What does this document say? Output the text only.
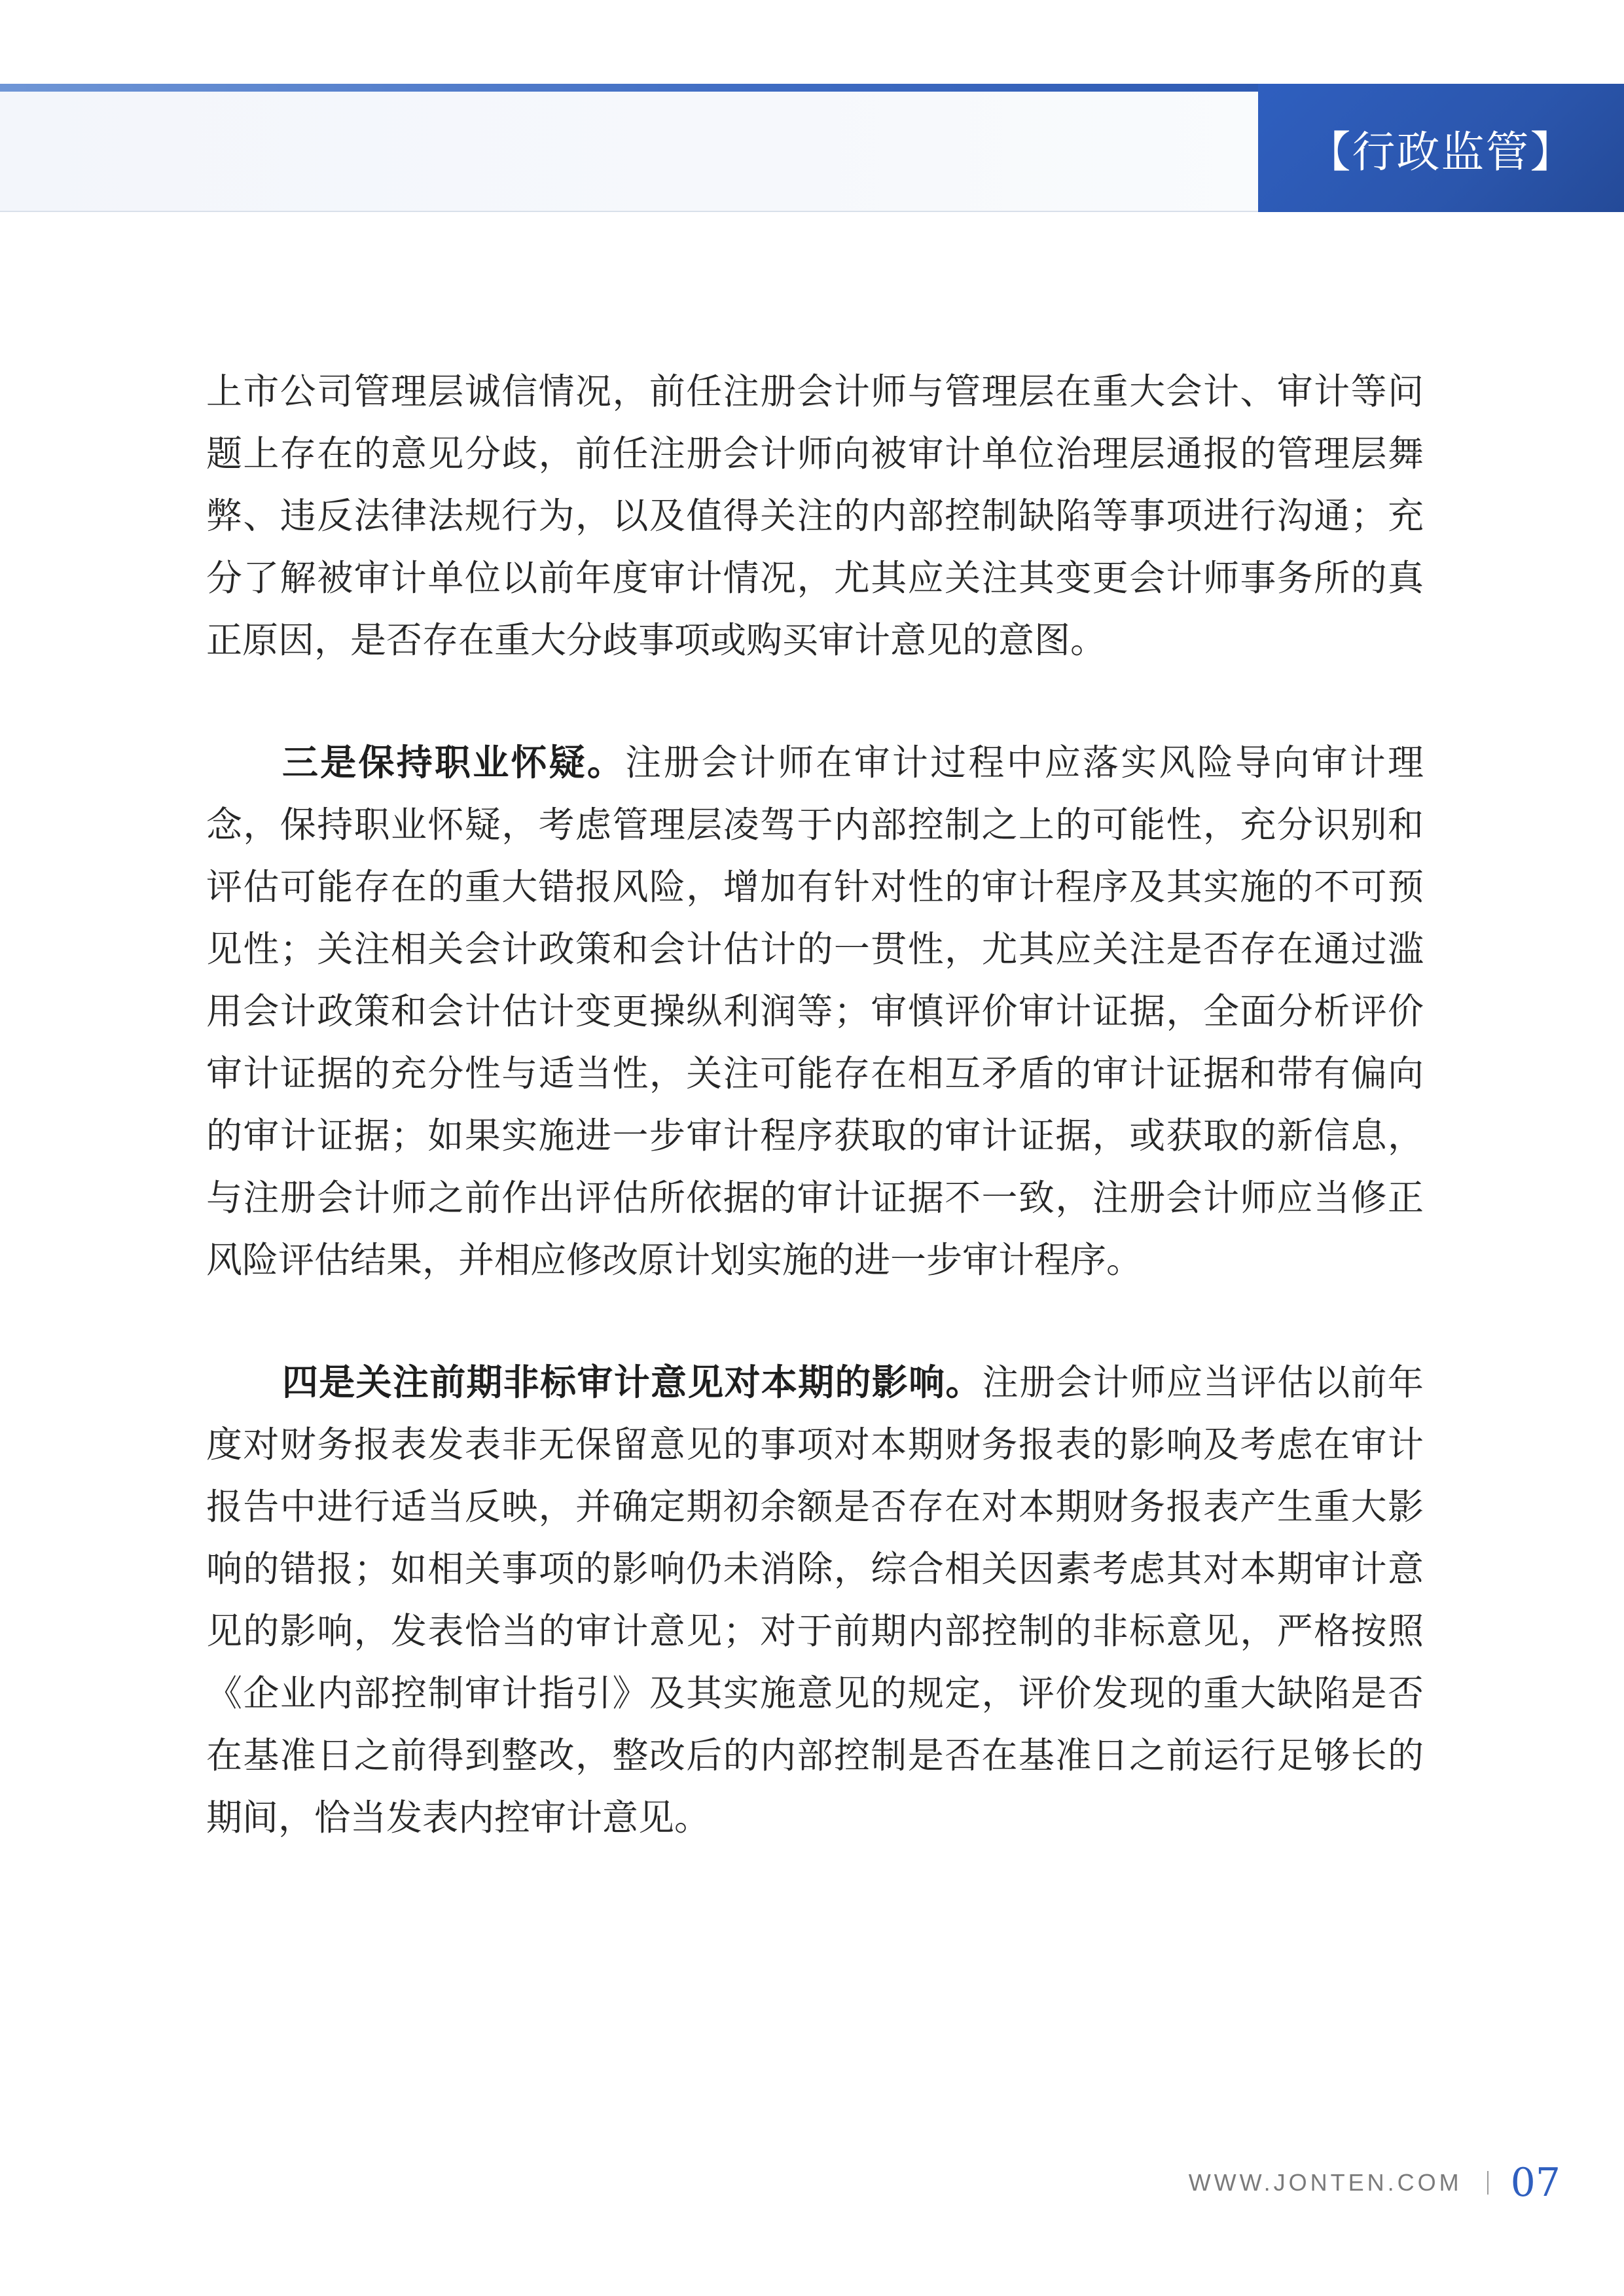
【行政监管】

上市公司管理层诚信情况，前任注册会计师与管理层在重大会计、审计等问题上存在的意见分歧，前任注册会计师向被审计单位治理层通报的管理层舞弊、违反法律法规行为，以及值得关注的内部控制缺陷等事项进行沟通；充分了解被审计单位以前年度审计情况，尤其应关注其变更会计师事务所的真正原因，是否存在重大分歧事项或购买审计意见的意图。

三是保持职业怀疑。注册会计师在审计过程中应落实风险导向审计理念，保持职业怀疑，考虑管理层凌驾于内部控制之上的可能性，充分识别和评估可能存在的重大错报风险，增加有针对性的审计程序及其实施的不可预见性；关注相关会计政策和会计估计的一贯性，尤其应关注是否存在通过滥用会计政策和会计估计变更操纵利润等；审慎评价审计证据，全面分析评价审计证据的充分性与适当性，关注可能存在相互矛盾的审计证据和带有偏向的审计证据；如果实施进一步审计程序获取的审计证据，或获取的新信息，与注册会计师之前作出评估所依据的审计证据不一致，注册会计师应当修正风险评估结果，并相应修改原计划实施的进一步审计程序。

四是关注前期非标审计意见对本期的影响。注册会计师应当评估以前年度对财务报表发表非无保留意见的事项对本期财务报表的影响及考虑在审计报告中进行适当反映，并确定期初余额是否存在对本期财务报表产生重大影响的错报；如相关事项的影响仍未消除，综合相关因素考虑其对本期审计意见的影响，发表恰当的审计意见；对于前期内部控制的非标意见，严格按照《企业内部控制审计指引》及其实施意见的规定，评价发现的重大缺陷是否在基准日之前得到整改，整改后的内部控制是否在基准日之前运行足够长的期间，恰当发表内控审计意见。

WWW.JONTEN.COM 07
